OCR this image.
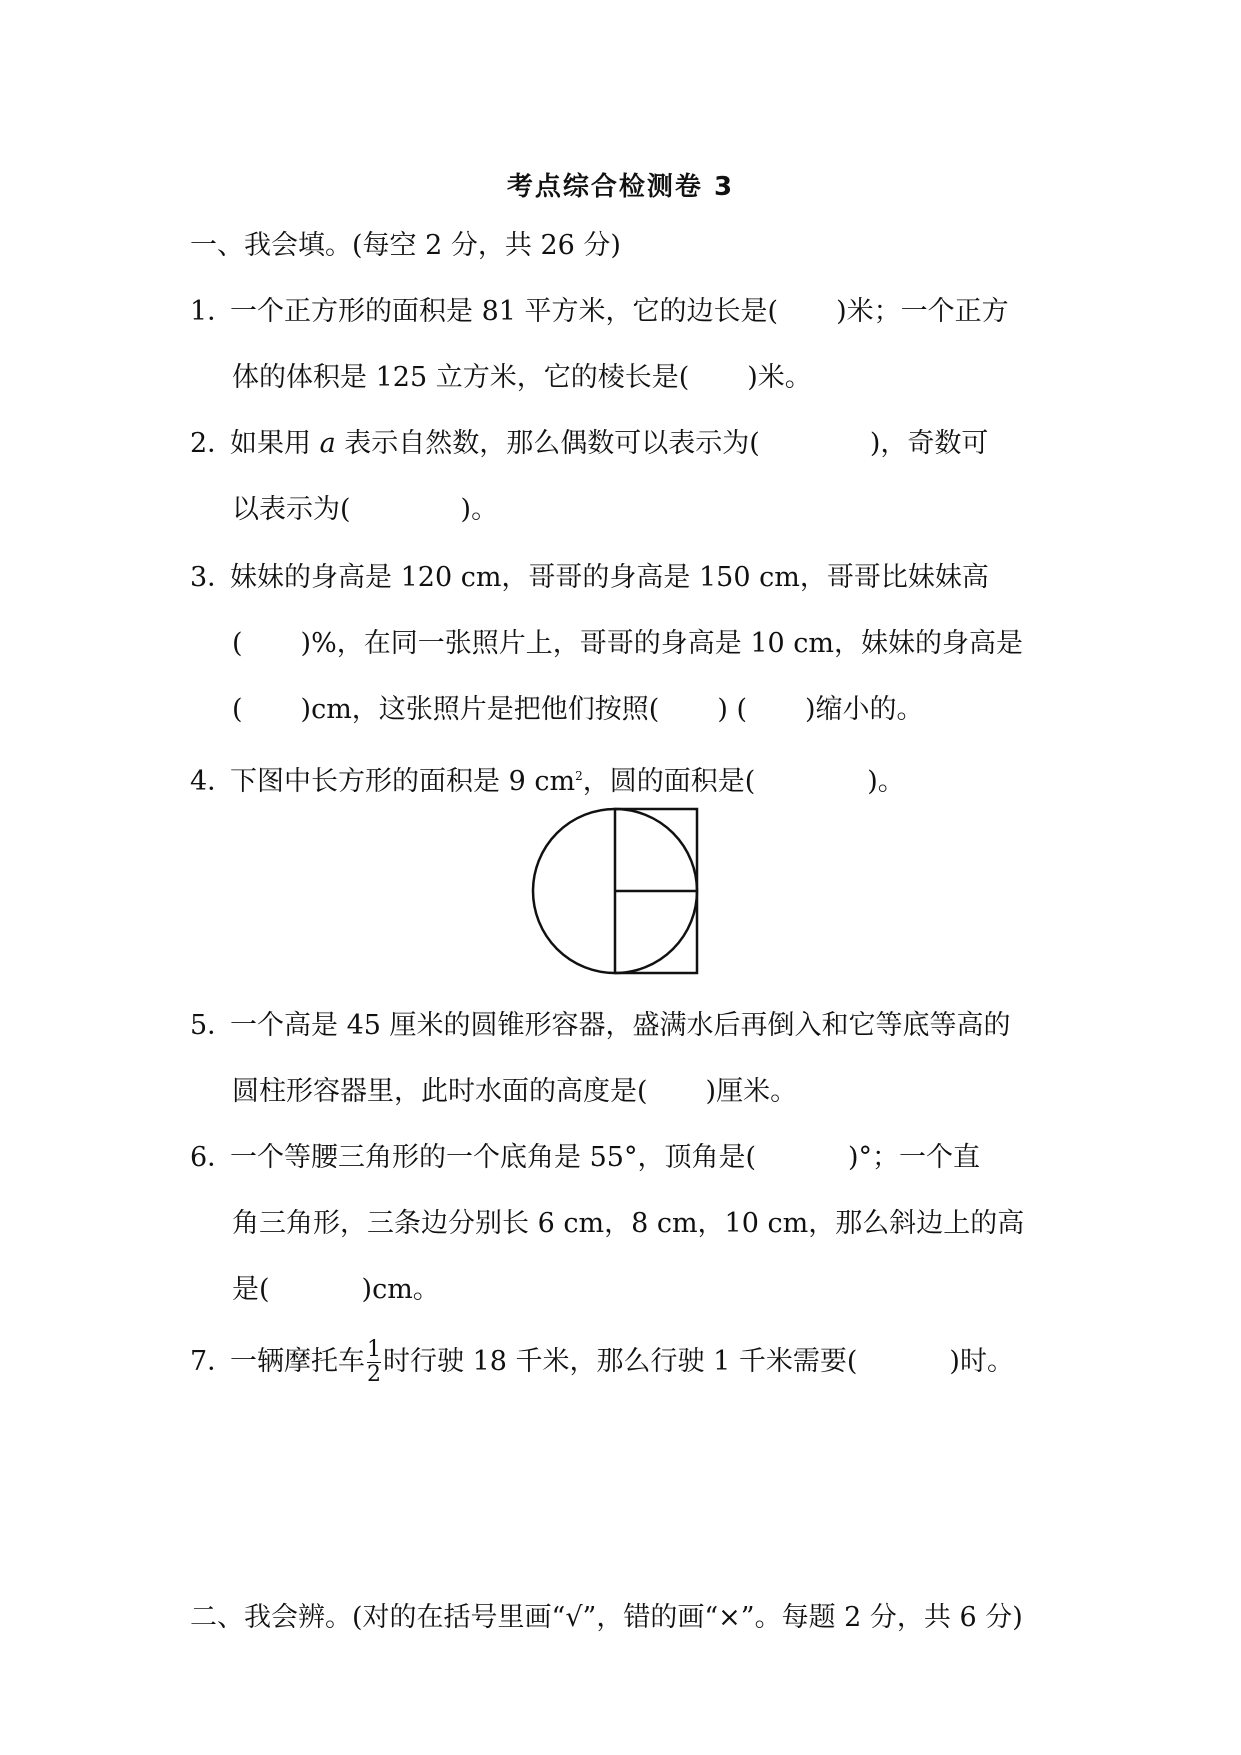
考点综合检测卷 3
一、我会填。(每空 2 分，共 26 分)
1．一个正方形的面积是 81 平方米，它的边长是( )米；一个正方
体的体积是 125 立方米，它的棱长是( )米。
2．如果用 a 表示自然数，那么偶数可以表示为(	)，奇数可
以表示为(	)。
3．妹妹的身高是 120 cm，哥哥的身高是 150 cm，哥哥比妹妹高
( )%，在同一张照片上，哥哥的身高是 10 cm，妹妹的身高是
( )cm，这张照片是把他们按照( ) ( )缩小的。
4．下图中长方形的面积是 9 $cm^2$，圆的面积是(	)。
5．一个高是 45 厘米的圆锥形容器，盛满水后再倒入和它等底等高的
圆柱形容器里，此时水面的高度是( )厘米。
6．一个等腰三角形的一个底角是 55°，顶角是(	)°；一个直
角三角形，三条边分别长 6 cm，8 cm，10 cm，那么斜边上的高
是(	)cm。
7．一辆摩托车 $\frac{1}{2}$ 时行驶 18 千米，那么行驶 1 千米需要(	)时。
二、我会辨。(对的在括号里画“√”，错的画“×”。每题 2 分，共 6 分)
